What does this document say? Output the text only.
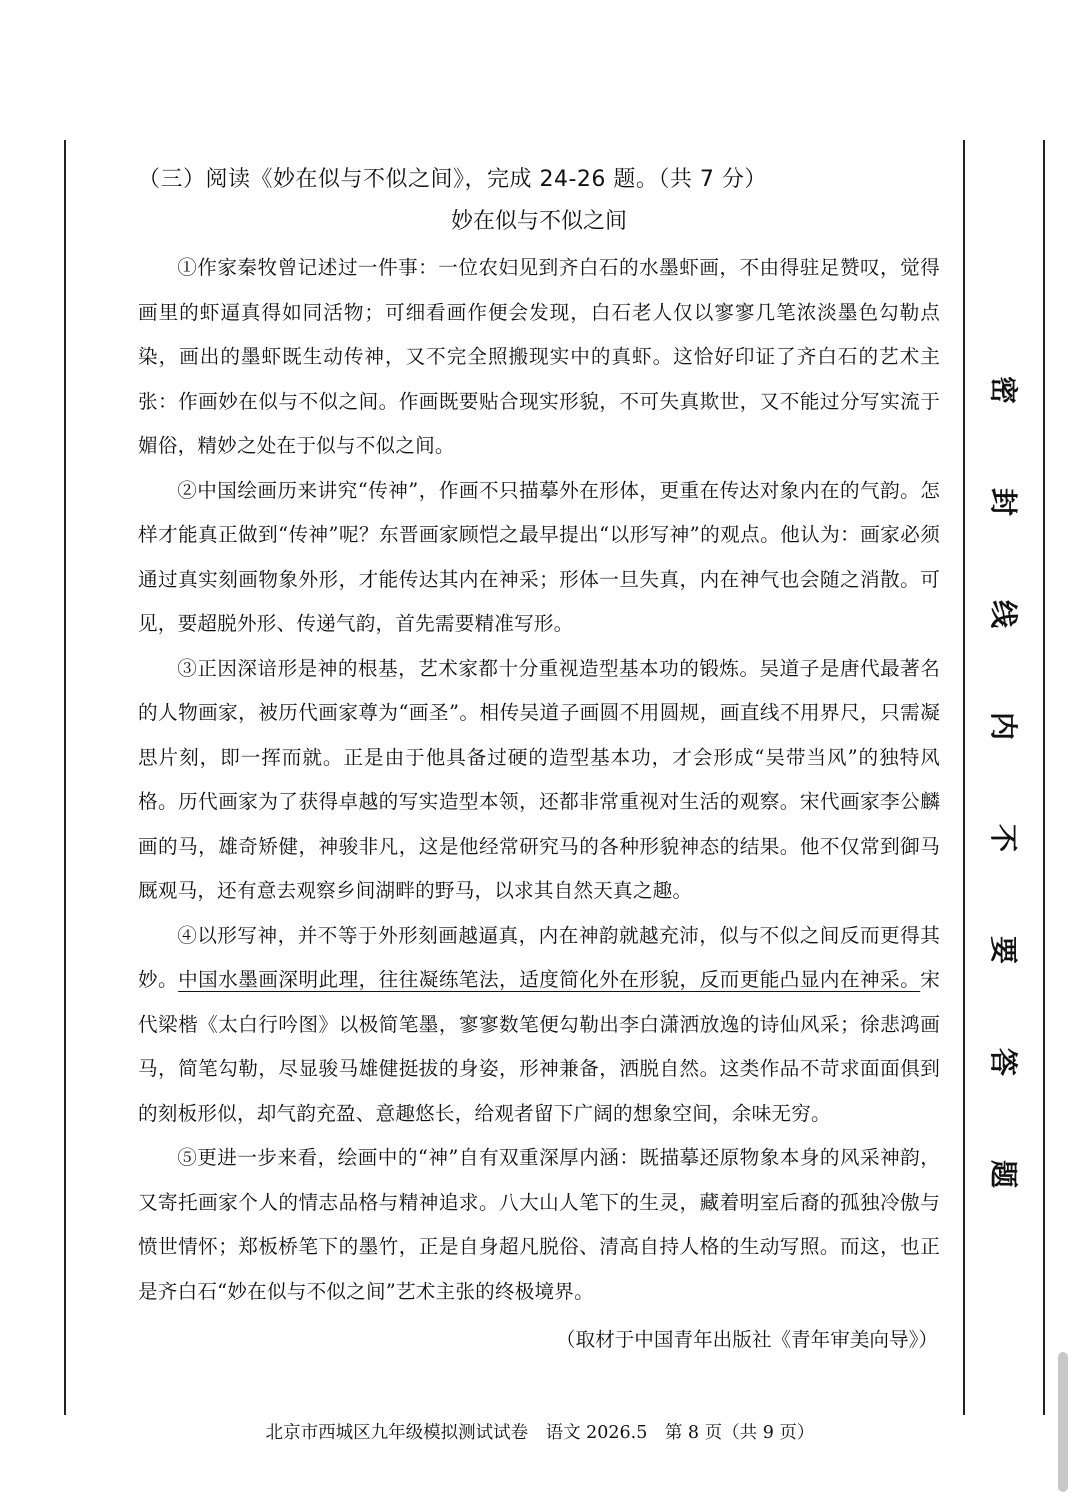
密
封
线
内
不
要
答
题
（三）阅读《妙在似与不似之间》，完成 24-26 题。（共 7 分）
妙在似与不似之间

①作家秦牧曾记述过一件事：一位农妇见到齐白石的水墨虾画，不由得驻足赞叹，觉得画里的虾逼真得如同活物；可细看画作便会发现，白石老人仅以寥寥几笔浓淡墨色勾勒点染，画出的墨虾既生动传神，又不完全照搬现实中的真虾。这恰好印证了齐白石的艺术主张：作画妙在似与不似之间。作画既要贴合现实形貌，不可失真欺世，又不能过分写实流于媚俗，精妙之处在于似与不似之间。

②中国绘画历来讲究“传神”，作画不只描摹外在形体，更重在传达对象内在的气韵。怎样才能真正做到“传神”呢？东晋画家顾恺之最早提出“以形写神”的观点。他认为：画家必须通过真实刻画物象外形，才能传达其内在神采；形体一旦失真，内在神气也会随之消散。可见，要超脱外形、传递气韵，首先需要精准写形。

③正因深谙形是神的根基，艺术家都十分重视造型基本功的锻炼。吴道子是唐代最著名的人物画家，被历代画家尊为“画圣”。相传吴道子画圆不用圆规，画直线不用界尺，只需凝思片刻，即一挥而就。正是由于他具备过硬的造型基本功，才会形成“吴带当风”的独特风格。历代画家为了获得卓越的写实造型本领，还都非常重视对生活的观察。宋代画家李公麟画的马，雄奇矫健，神骏非凡，这是他经常研究马的各种形貌神态的结果。他不仅常到御马厩观马，还有意去观察乡间湖畔的野马，以求其自然天真之趣。

④以形写神，并不等于外形刻画越逼真，内在神韵就越充沛，似与不似之间反而更得其妙。中国水墨画深明此理，往往凝练笔法，适度简化外在形貌，反而更能凸显内在神采。宋代梁楷《太白行吟图》以极简笔墨，寥寥数笔便勾勒出李白潇洒放逸的诗仙风采；徐悲鸿画马，简笔勾勒，尽显骏马雄健挺拔的身姿，形神兼备，洒脱自然。这类作品不苛求面面俱到的刻板形似，却气韵充盈、意趣悠长，给观者留下广阔的想象空间，余味无穷。

⑤更进一步来看，绘画中的“神”自有双重深厚内涵：既描摹还原物象本身的风采神韵，又寄托画家个人的情志品格与精神追求。八大山人笔下的生灵，藏着明室后裔的孤独冷傲与愤世情怀；郑板桥笔下的墨竹，正是自身超凡脱俗、清高自持人格的生动写照。而这，也正是齐白石“妙在似与不似之间”艺术主张的终极境界。

（取材于中国青年出版社《青年审美向导》）
北京市西城区九年级模拟测试试卷　语文 2026.5　第 8 页（共 9 页）
